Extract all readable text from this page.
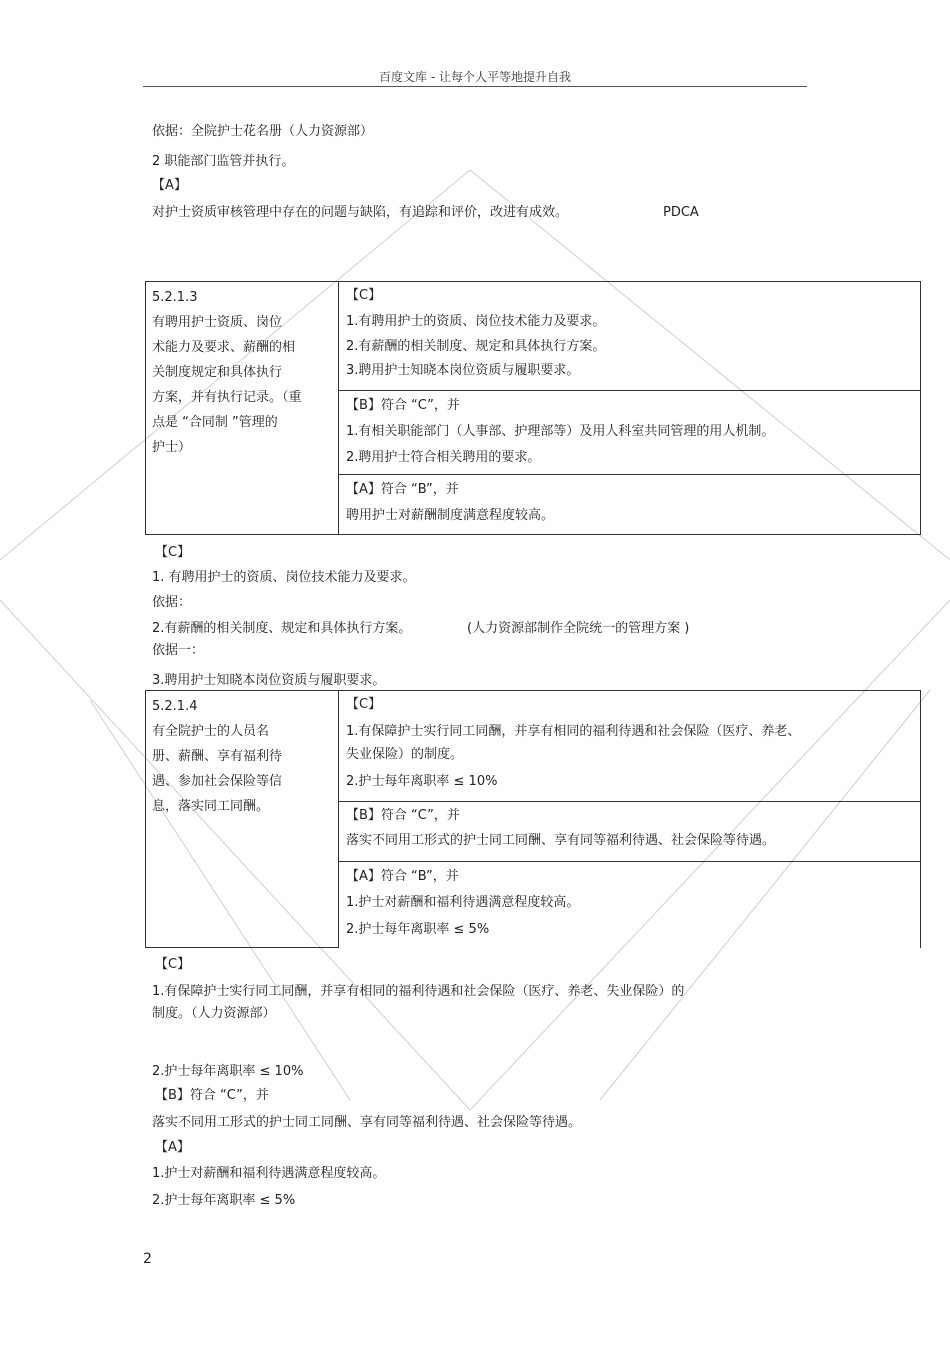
百度文库 - 让每个人平等地提升自我
依据：全院护士花名册（人力资源部）
2 职能部门监管并执行。
【A】
对护士资质审核管理中存在的问题与缺陷，有追踪和评价，改进有成效。	PDCA
5.2.1.3
有聘用护士资质、岗位
术能力及要求、薪酬的相
关制度规定和具体执行
方案，并有执行记录。（重
点是 “合同制 ”管理的
护士）
【C】
1.有聘用护士的资质、岗位技术能力及要求。
2.有薪酬的相关制度、规定和具体执行方案。
3.聘用护士知晓本岗位资质与履职要求。
【B】符合 “C”，并
1.有相关职能部门（人事部、护理部等）及用人科室共同管理的用人机制。
2.聘用护士符合相关聘用的要求。
【A】符合 “B”，并
聘用护士对薪酬制度满意程度较高。
【C】
1. 有聘用护士的资质、岗位技术能力及要求。
依据：
2.有薪酬的相关制度、规定和具体执行方案。	(人力资源部制作全院统一的管理方案 )
依据一：
3.聘用护士知晓本岗位资质与履职要求。
5.2.1.4
有全院护士的人员名
册、薪酬、享有福利待
遇、参加社会保险等信
息，落实同工同酬。
【C】
1.有保障护士实行同工同酬，并享有相同的福利待遇和社会保险（医疗、养老、
失业保险）的制度。
2.护士每年离职率 ≤ 10%
【B】符合 “C”，并
落实不同用工形式的护士同工同酬、享有同等福利待遇、社会保险等待遇。
【A】符合 “B”，并
1.护士对薪酬和福利待遇满意程度较高。
2.护士每年离职率 ≤ 5%
【C】
1.有保障护士实行同工同酬，并享有相同的福利待遇和社会保险（医疗、养老、失业保险）的
制度。（人力资源部）
2.护士每年离职率 ≤ 10%
【B】符合 “C”，并
落实不同用工形式的护士同工同酬、享有同等福利待遇、社会保险等待遇。
【A】
1.护士对薪酬和福利待遇满意程度较高。
2.护士每年离职率 ≤ 5%
2
